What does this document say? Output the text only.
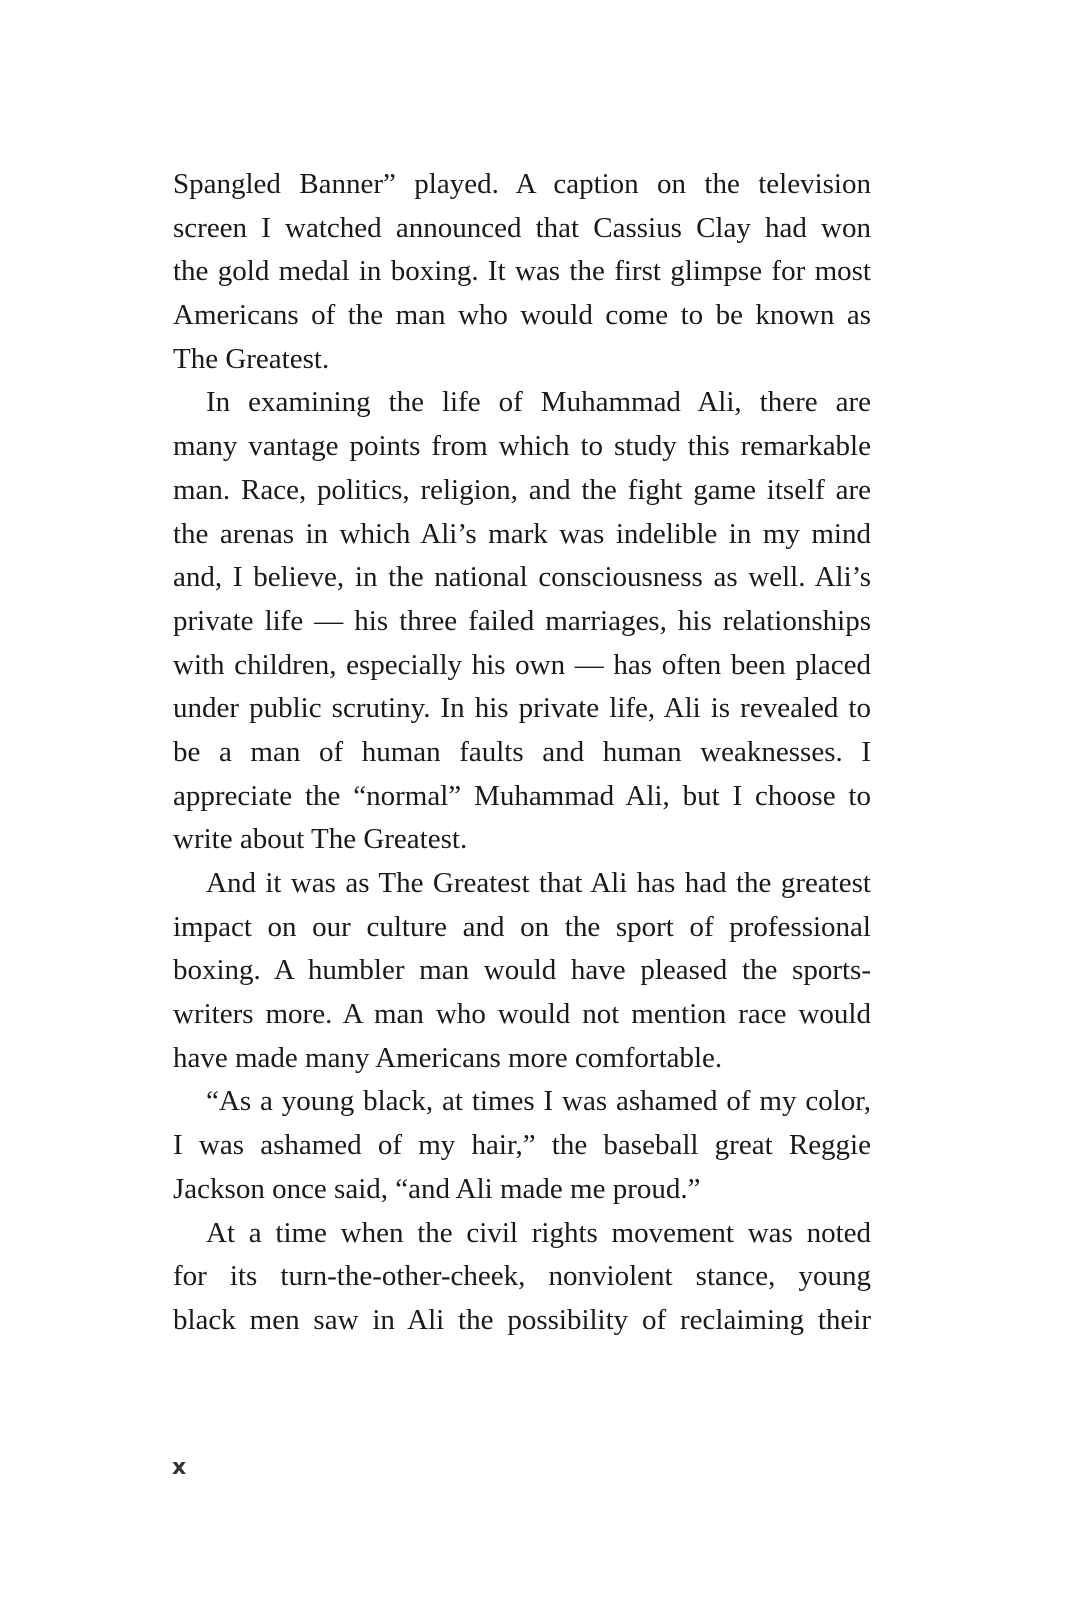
Spangled Banner” played. A caption on the television
screen I watched announced that Cassius Clay had won
the gold medal in boxing. It was the first glimpse for most
Americans of the man who would come to be known as
The Greatest.
In examining the life of Muhammad Ali, there are
many vantage points from which to study this remarkable
man. Race, politics, religion, and the fight game itself are
the arenas in which Ali’s mark was indelible in my mind
and, I believe, in the national consciousness as well. Ali’s
private life — his three failed marriages, his relationships
with children, especially his own — has often been placed
under public scrutiny. In his private life, Ali is revealed to
be a man of human faults and human weaknesses. I
appreciate the “normal” Muhammad Ali, but I choose to
write about The Greatest.
And it was as The Greatest that Ali has had the greatest
impact on our culture and on the sport of professional
boxing. A humbler man would have pleased the sports-
writers more. A man who would not mention race would
have made many Americans more comfortable.
“As a young black, at times I was ashamed of my color,
I was ashamed of my hair,” the baseball great Reggie
Jackson once said, “and Ali made me proud.”
At a time when the civil rights movement was noted
for its turn-the-other-cheek, nonviolent stance, young
black men saw in Ali the possibility of reclaiming their
x
